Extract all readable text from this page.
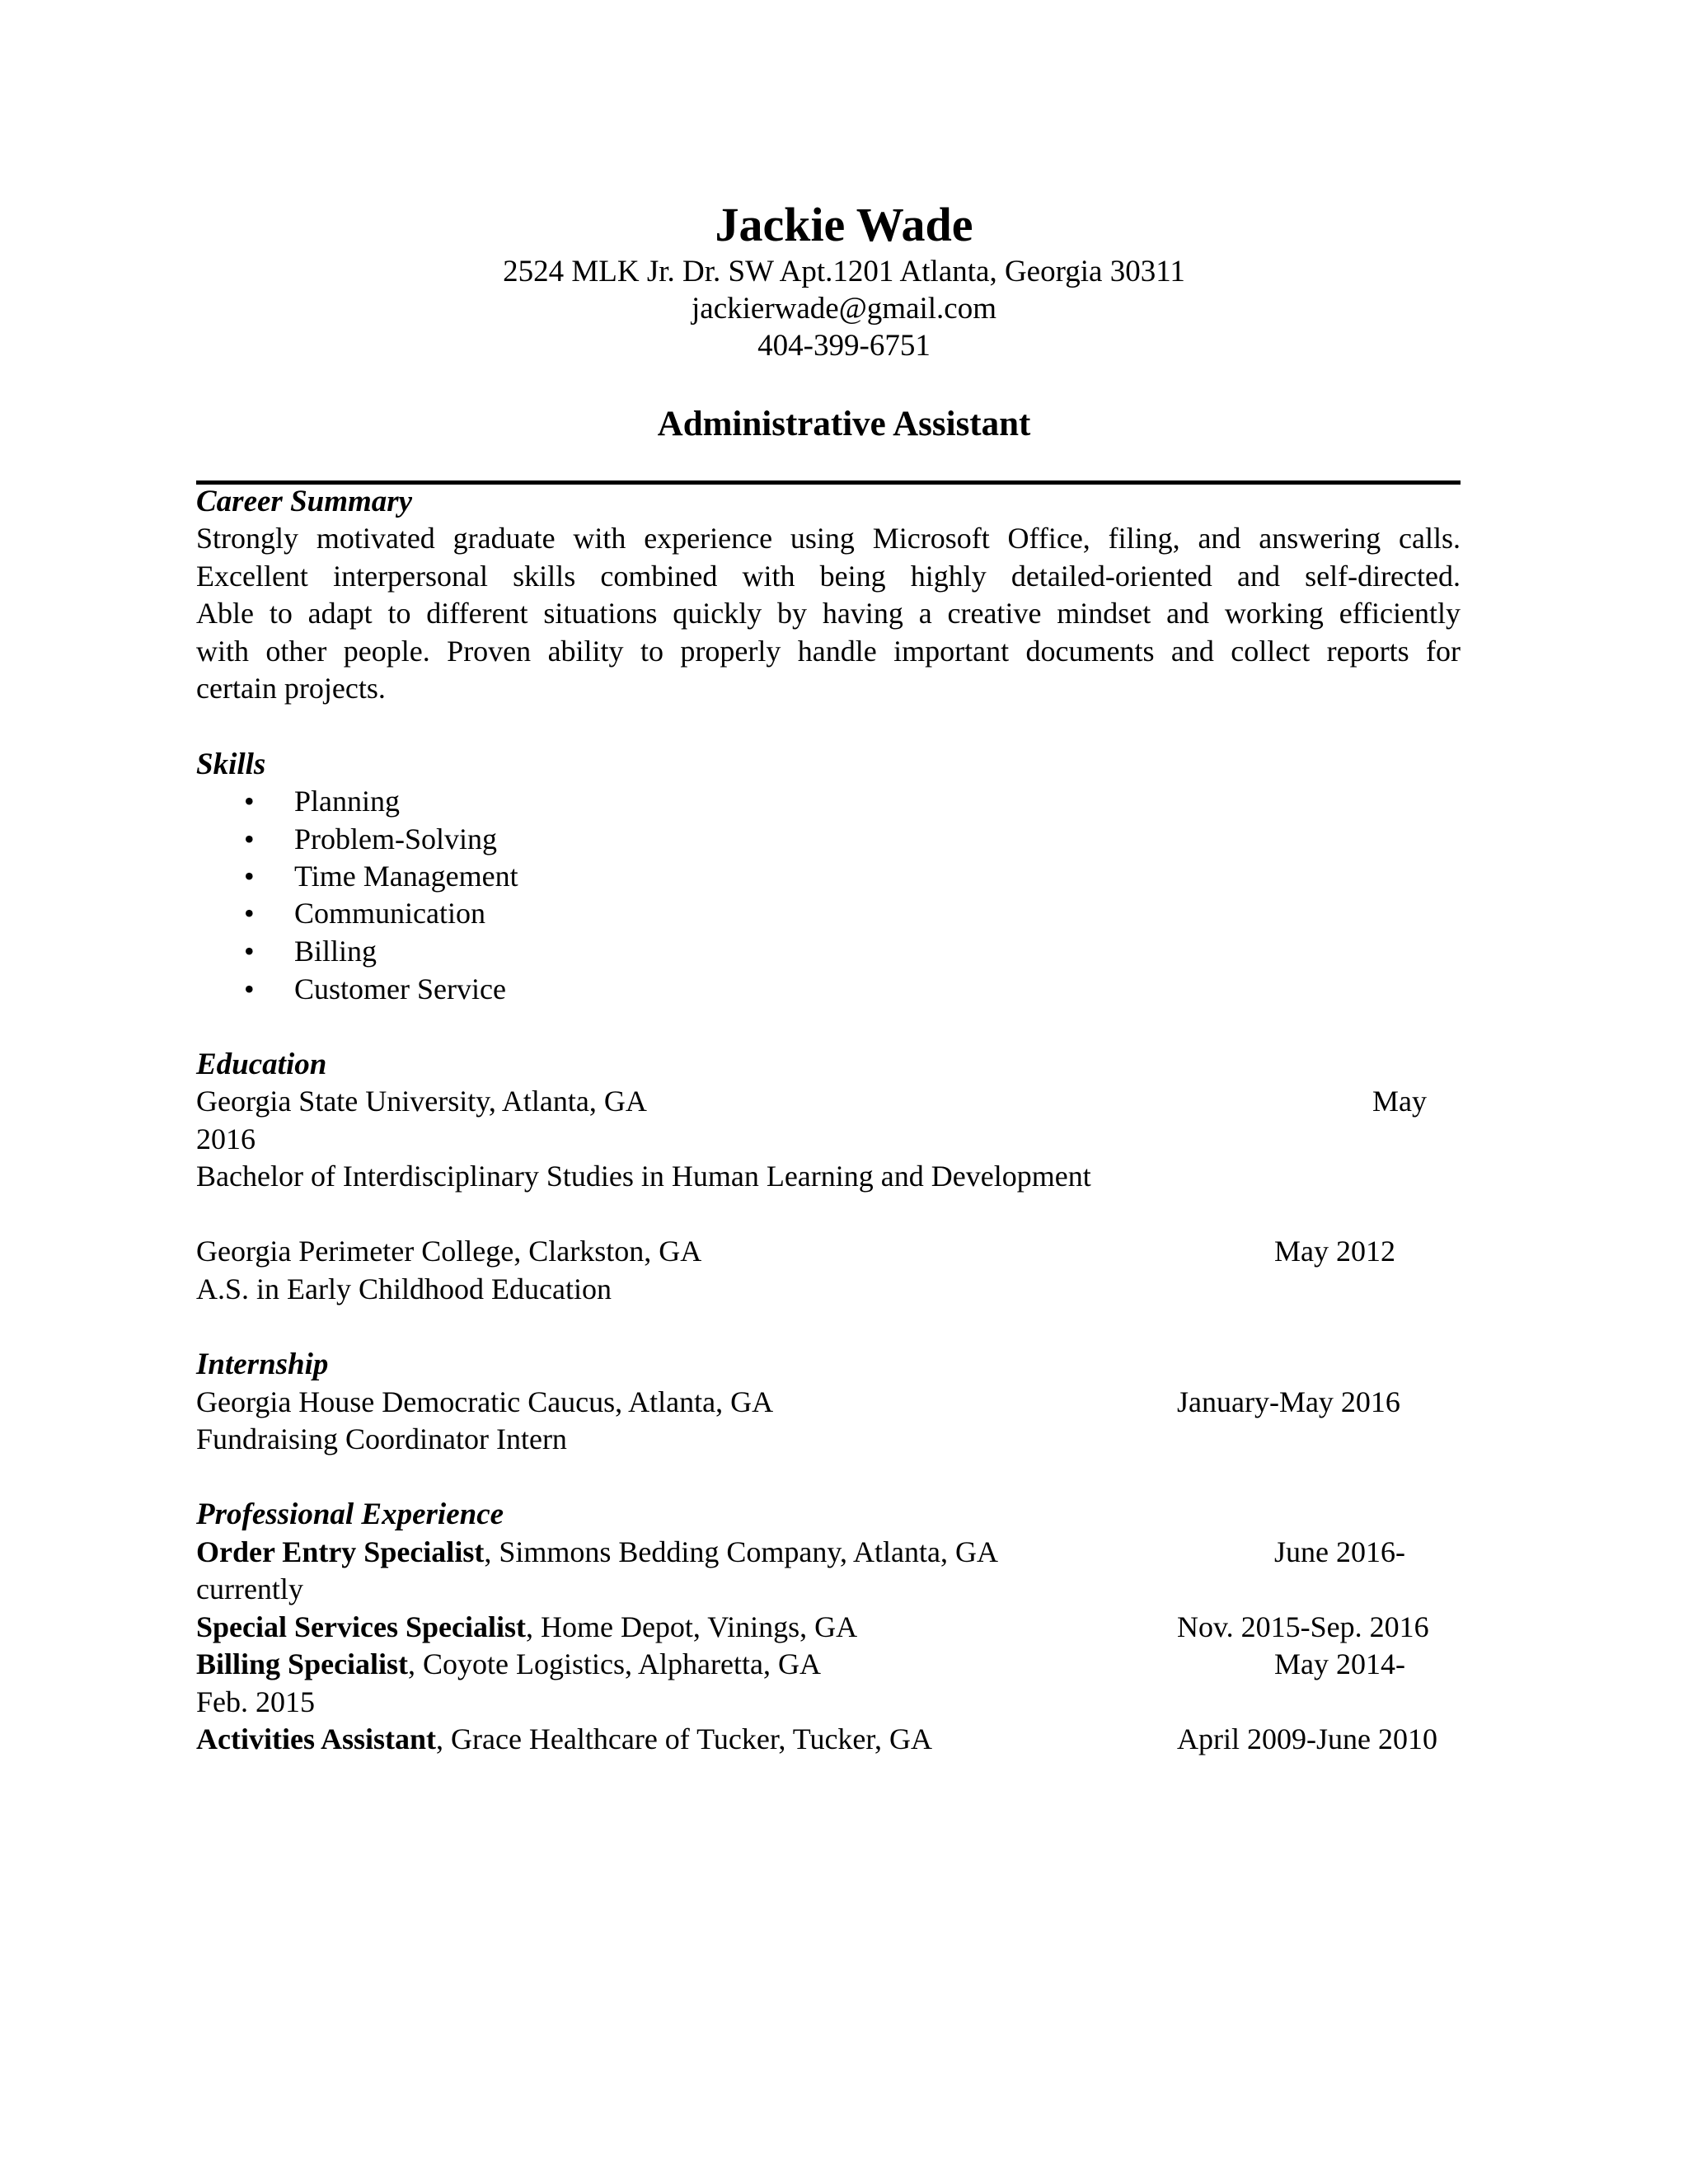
Jackie Wade
2524 MLK Jr. Dr. SW Apt.1201 Atlanta, Georgia 30311
jackierwade@gmail.com
404-399-6751
Administrative Assistant
Career Summary
Strongly motivated graduate with experience using Microsoft Office, filing, and answering calls.
Excellent interpersonal skills combined with being highly detailed-oriented and self-directed.
Able to adapt to different situations quickly by having a creative mindset and working efficiently
with other people. Proven ability to properly handle important documents and collect reports for
certain projects.
Skills
• Planning
• Problem-Solving
• Time Management
• Communication
• Billing
• Customer Service
Education
Georgia State University, Atlanta, GA	May
2016
Bachelor of Interdisciplinary Studies in Human Learning and Development
Georgia Perimeter College, Clarkston, GA	May 2012
A.S. in Early Childhood Education
Internship
Georgia House Democratic Caucus, Atlanta, GA	January-May 2016
Fundraising Coordinator Intern
Professional Experience
Order Entry Specialist, Simmons Bedding Company, Atlanta, GA	June 2016-
currently
Special Services Specialist, Home Depot, Vinings, GA	Nov. 2015-Sep. 2016
Billing Specialist, Coyote Logistics, Alpharetta, GA	May 2014-
Feb. 2015
Activities Assistant, Grace Healthcare of Tucker, Tucker, GA	April 2009-June 2010
